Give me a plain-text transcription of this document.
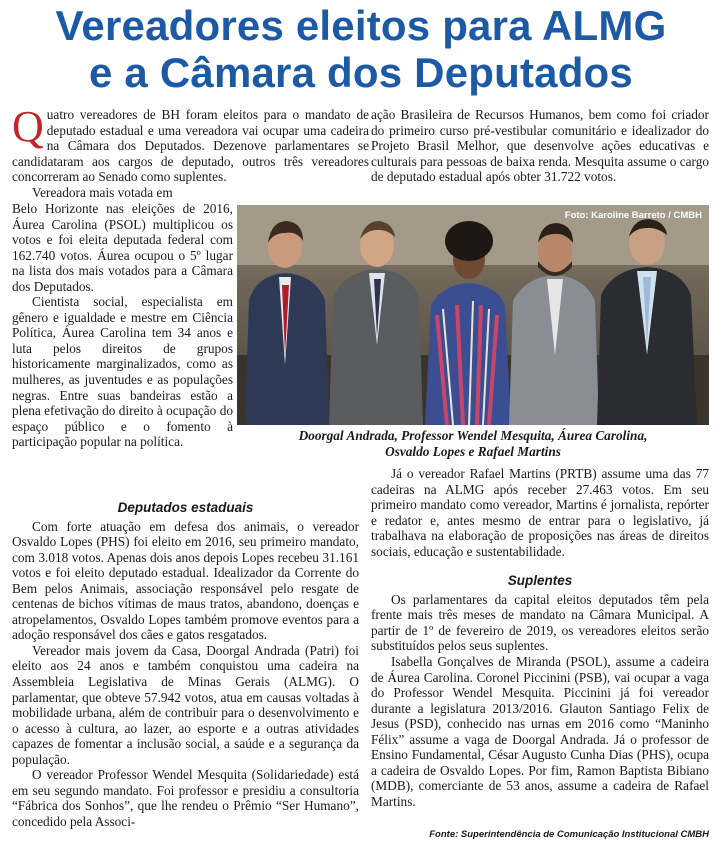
Vereadores eleitos para ALMG
e a Câmara dos Deputados

Quatro vereadores de BH foram eleitos para o mandato de deputado estadual e uma vereadora vai ocupar uma cadeira na Câmara dos Deputados. Dezenove parlamentares se candidataram aos cargos de deputado, outros três vereadores concorreram ao Senado como suplentes.

Vereadora mais votada em

Belo Horizonte nas eleições de 2016, Áurea Carolina (PSOL) multiplicou os votos e foi eleita deputada federal com 162.740 votos. Áurea ocupou o 5º lugar na lista dos mais votados para a Câmara dos Deputados.

Cientista social, especialista em gênero e igualdade e mestre em Ciência Política, Áurea Carolina tem 34 anos e luta pelos direitos de grupos historicamente marginalizados, como as mulheres, as juventudes e as populações negras. Entre suas bandeiras estão a plena efetivação do direito à ocupação do espaço público e o fomento à participação popular na política.

ação Brasileira de Recursos Humanos, bem como foi criador do primeiro curso pré-vestibular comunitário e idealizador do Projeto Brasil Melhor, que desenvolve ações educativas e culturais para pessoas de baixa renda. Mesquita assume o cargo de deputado estadual após obter 31.722 votos.

Foto: Karoline Barreto / CMBH
Doorgal Andrada, Professor Wendel Mesquita, Áurea Carolina,
Osvaldo Lopes e Rafael Martins
Deputados estaduais

Com forte atuação em defesa dos animais, o vereador Osvaldo Lopes (PHS) foi eleito em 2016, seu primeiro mandato, com 3.018 votos. Apenas dois anos depois Lopes recebeu 31.161 votos e foi eleito deputado estadual. Idealizador da Corrente do Bem pelos Animais, associação responsável pelo resgate de centenas de bichos vítimas de maus tratos, abandono, doenças e atropelamentos, Osvaldo Lopes também promove eventos para a adoção responsável dos cães e gatos resgatados.

Vereador mais jovem da Casa, Doorgal Andrada (Patri) foi eleito aos 24 anos e também conquistou uma cadeira na Assembleia Legislativa de Minas Gerais (ALMG). O parlamentar, que obteve 57.942 votos, atua em causas voltadas à mobilidade urbana, além de contribuir para o desenvolvimento e o acesso à cultura, ao lazer, ao esporte e a outras atividades capazes de fomentar a inclusão social, a saúde e a segurança da população.

O vereador Professor Wendel Mesquita (Solidariedade) está em seu segundo mandato. Foi professor e presidiu a consultoria “Fábrica dos Sonhos”, que lhe rendeu o Prêmio “Ser Humano”, concedido pela Associ-

Já o vereador Rafael Martins (PRTB) assume uma das 77 cadeiras na ALMG após receber 27.463 votos. Em seu primeiro mandato como vereador, Martins é jornalista, repórter e redator e, antes mesmo de entrar para o legislativo, já trabalhava na elaboração de proposições nas áreas de direitos sociais, educação e sustentabilidade.

Suplentes

Os parlamentares da capital eleitos deputados têm pela frente mais três meses de mandato na Câmara Municipal. A partir de 1º de fevereiro de 2019, os vereadores eleitos serão substituídos pelos seus suplentes.

Isabella Gonçalves de Miranda (PSOL), assume a cadeira de Áurea Carolina. Coronel Piccinini (PSB), vai ocupar a vaga do Professor Wendel Mesquita. Piccinini já foi vereador durante a legislatura 2013/2016. Glauton Santiago Felix de Jesus (PSD), conhecido nas urnas em 2016 como “Maninho Félix” assume a vaga de Doorgal Andrada. Já o professor de Ensino Fundamental, César Augusto Cunha Dias (PHS), ocupa a cadeira de Osvaldo Lopes. Por fim, Ramon Baptista Bibiano (MDB), comerciante de 53 anos, assume a cadeira de Rafael Martins.

Fonte: Superintendência de Comunicação Institucional CMBH
